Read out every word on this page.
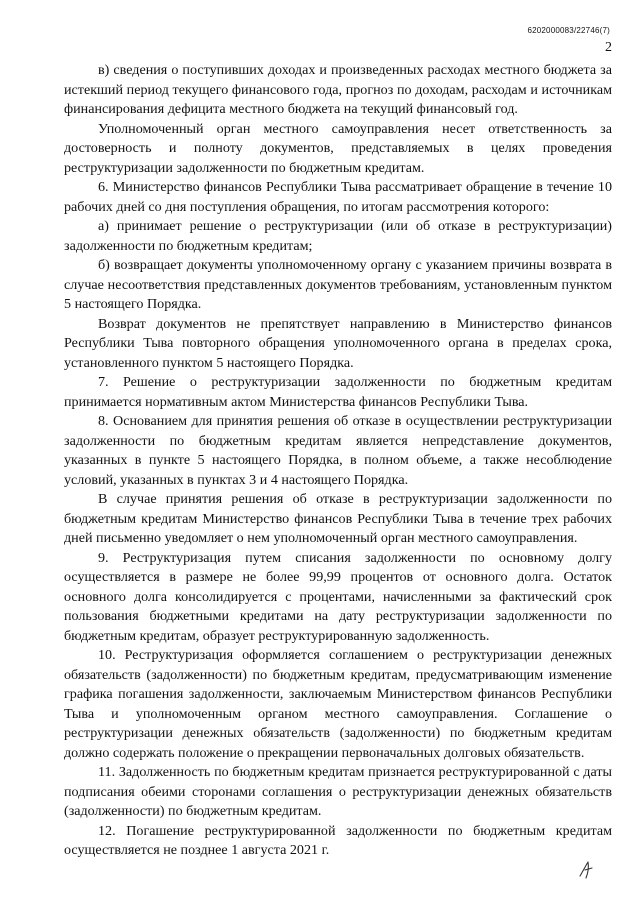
6202000083/22746(7)
2

в) сведения о поступивших доходах и произведенных расходах местного бюджета за истекший период текущего финансового года, прогноз по доходам, расходам и источникам финансирования дефицита местного бюджета на текущий финансовый год.

Уполномоченный орган местного самоуправления несет ответственность за достоверность и полноту документов, представляемых в целях проведения реструктуризации задолженности по бюджетным кредитам.

6. Министерство финансов Республики Тыва рассматривает обращение в течение 10 рабочих дней со дня поступления обращения, по итогам рассмотрения которого:

а) принимает решение о реструктуризации (или об отказе в реструктуризации) задолженности по бюджетным кредитам;

б) возвращает документы уполномоченному органу с указанием причины возврата в случае несоответствия представленных документов требованиям, установленным пунктом 5 настоящего Порядка.

Возврат документов не препятствует направлению в Министерство финансов Республики Тыва повторного обращения уполномоченного органа в пределах срока, установленного пунктом 5 настоящего Порядка.

7. Решение о реструктуризации задолженности по бюджетным кредитам принимается нормативным актом Министерства финансов Республики Тыва.

8. Основанием для принятия решения об отказе в осуществлении реструктуризации задолженности по бюджетным кредитам является непредставление документов, указанных в пункте 5 настоящего Порядка, в полном объеме, а также несоблюдение условий, указанных в пунктах 3 и 4 настоящего Порядка.

В случае принятия решения об отказе в реструктуризации задолженности по бюджетным кредитам Министерство финансов Республики Тыва в течение трех рабочих дней письменно уведомляет о нем уполномоченный орган местного самоуправления.

9. Реструктуризация путем списания задолженности по основному долгу осуществляется в размере не более 99,99 процентов от основного долга. Остаток основного долга консолидируется с процентами, начисленными за фактический срок пользования бюджетными кредитами на дату реструктуризации задолженности по бюджетным кредитам, образует реструктурированную задолженность.

10. Реструктуризация оформляется соглашением о реструктуризации денежных обязательств (задолженности) по бюджетным кредитам, предусматривающим изменение графика погашения задолженности, заключаемым Министерством финансов Республики Тыва и уполномоченным органом местного самоуправления. Соглашение о реструктуризации денежных обязательств (задолженности) по бюджетным кредитам должно содержать положение о прекращении первоначальных долговых обязательств.

11. Задолженность по бюджетным кредитам признается реструктурированной с даты подписания обеими сторонами соглашения о реструктуризации денежных обязательств (задолженности) по бюджетным кредитам.

12. Погашение реструктурированной задолженности по бюджетным кредитам осуществляется не позднее 1 августа 2021 г.
